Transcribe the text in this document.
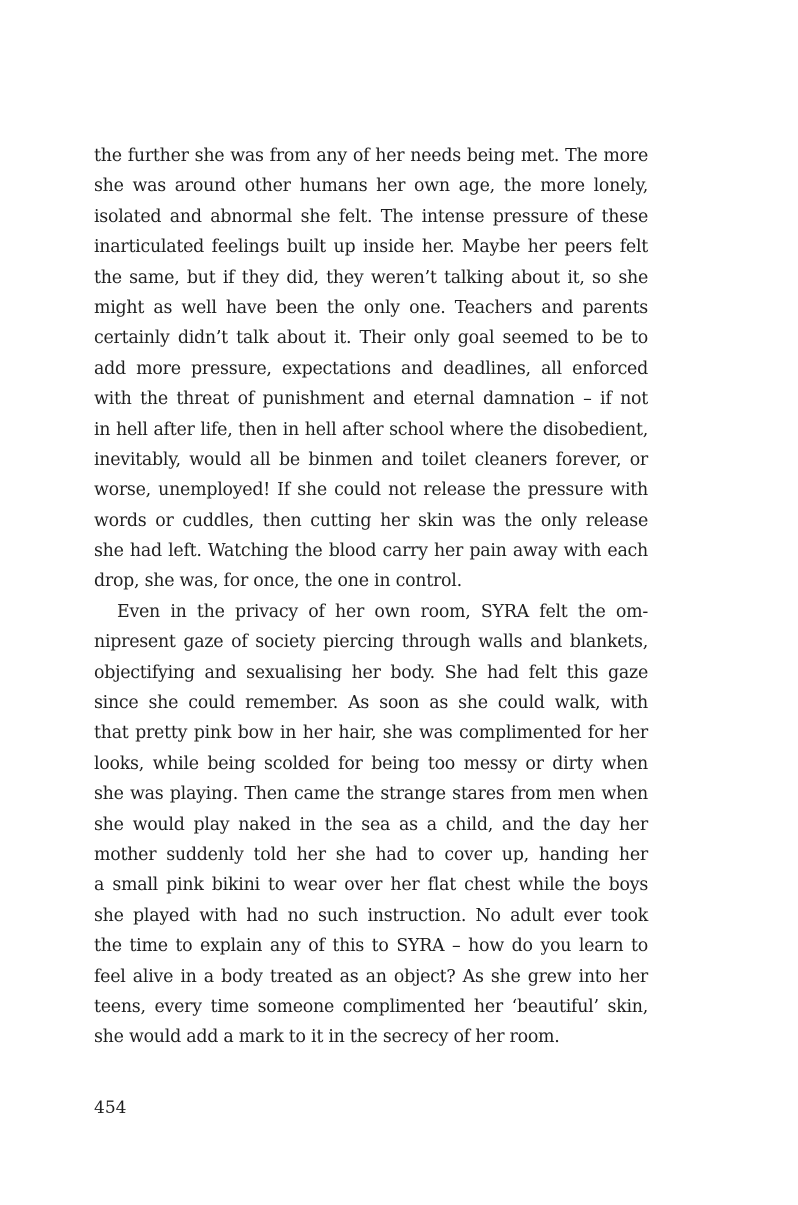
the further she was from any of her needs being met. The more
she was around other humans her own age, the more lonely,
isolated and abnormal she felt. The intense pressure of these
inarticulated feelings built up inside her. Maybe her peers felt
the same, but if they did, they weren’t talking about it, so she
might as well have been the only one. Teachers and parents
certainly didn’t talk about it. Their only goal seemed to be to
add more pressure, expectations and deadlines, all enforced
with the threat of punishment and eternal damnation – if not
in hell after life, then in hell after school where the disobedient,
inevitably, would all be binmen and toilet cleaners forever, or
worse, unemployed! If she could not release the pressure with
words or cuddles, then cutting her skin was the only release
she had left. Watching the blood carry her pain away with each
drop, she was, for once, the one in control.
Even in the privacy of her own room, SYRA felt the om-
nipresent gaze of society piercing through walls and blankets,
objectifying and sexualising her body. She had felt this gaze
since she could remember. As soon as she could walk, with
that pretty pink bow in her hair, she was complimented for her
looks, while being scolded for being too messy or dirty when
she was playing. Then came the strange stares from men when
she would play naked in the sea as a child, and the day her
mother suddenly told her she had to cover up, handing her
a small pink bikini to wear over her flat chest while the boys
she played with had no such instruction. No adult ever took
the time to explain any of this to SYRA – how do you learn to
feel alive in a body treated as an object? As she grew into her
teens, every time someone complimented her ‘beautiful’ skin,
she would add a mark to it in the secrecy of her room.
454
